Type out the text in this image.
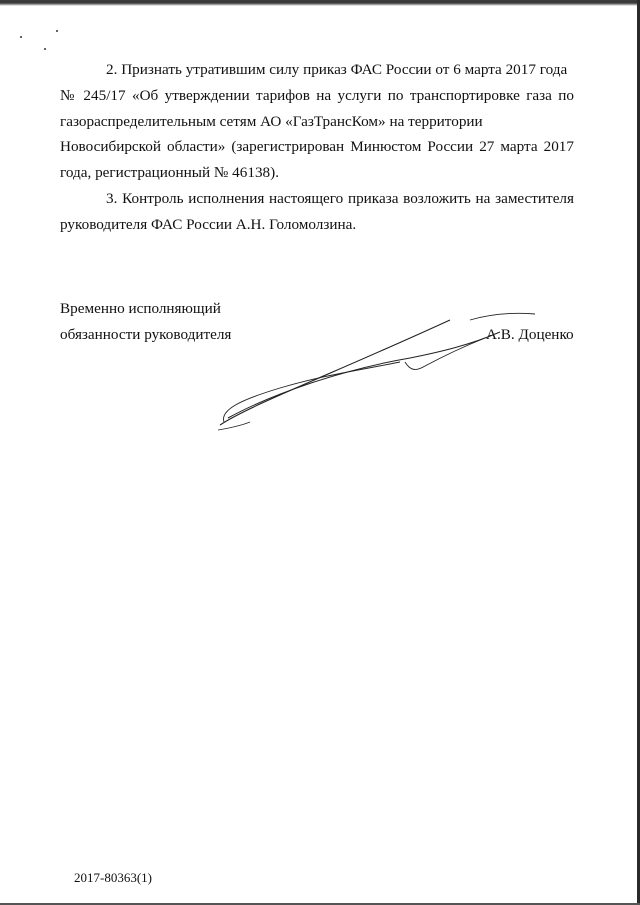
2. Признать утратившим силу приказ ФАС России от 6 марта 2017 года
№ 245/17 «Об утверждении тарифов на услуги по транспортировке газа по
газораспределительным сетям АО «ГазТрансКом» на территории
Новосибирской области» (зарегистрирован Минюстом России 27 марта 2017
года, регистрационный № 46138).
3. Контроль исполнения настоящего приказа возложить на заместителя
руководителя ФАС России А.Н. Голомолзина.
Временно исполняющий
обязанности руководителя	А.В. Доценко
2017-80363(1)
